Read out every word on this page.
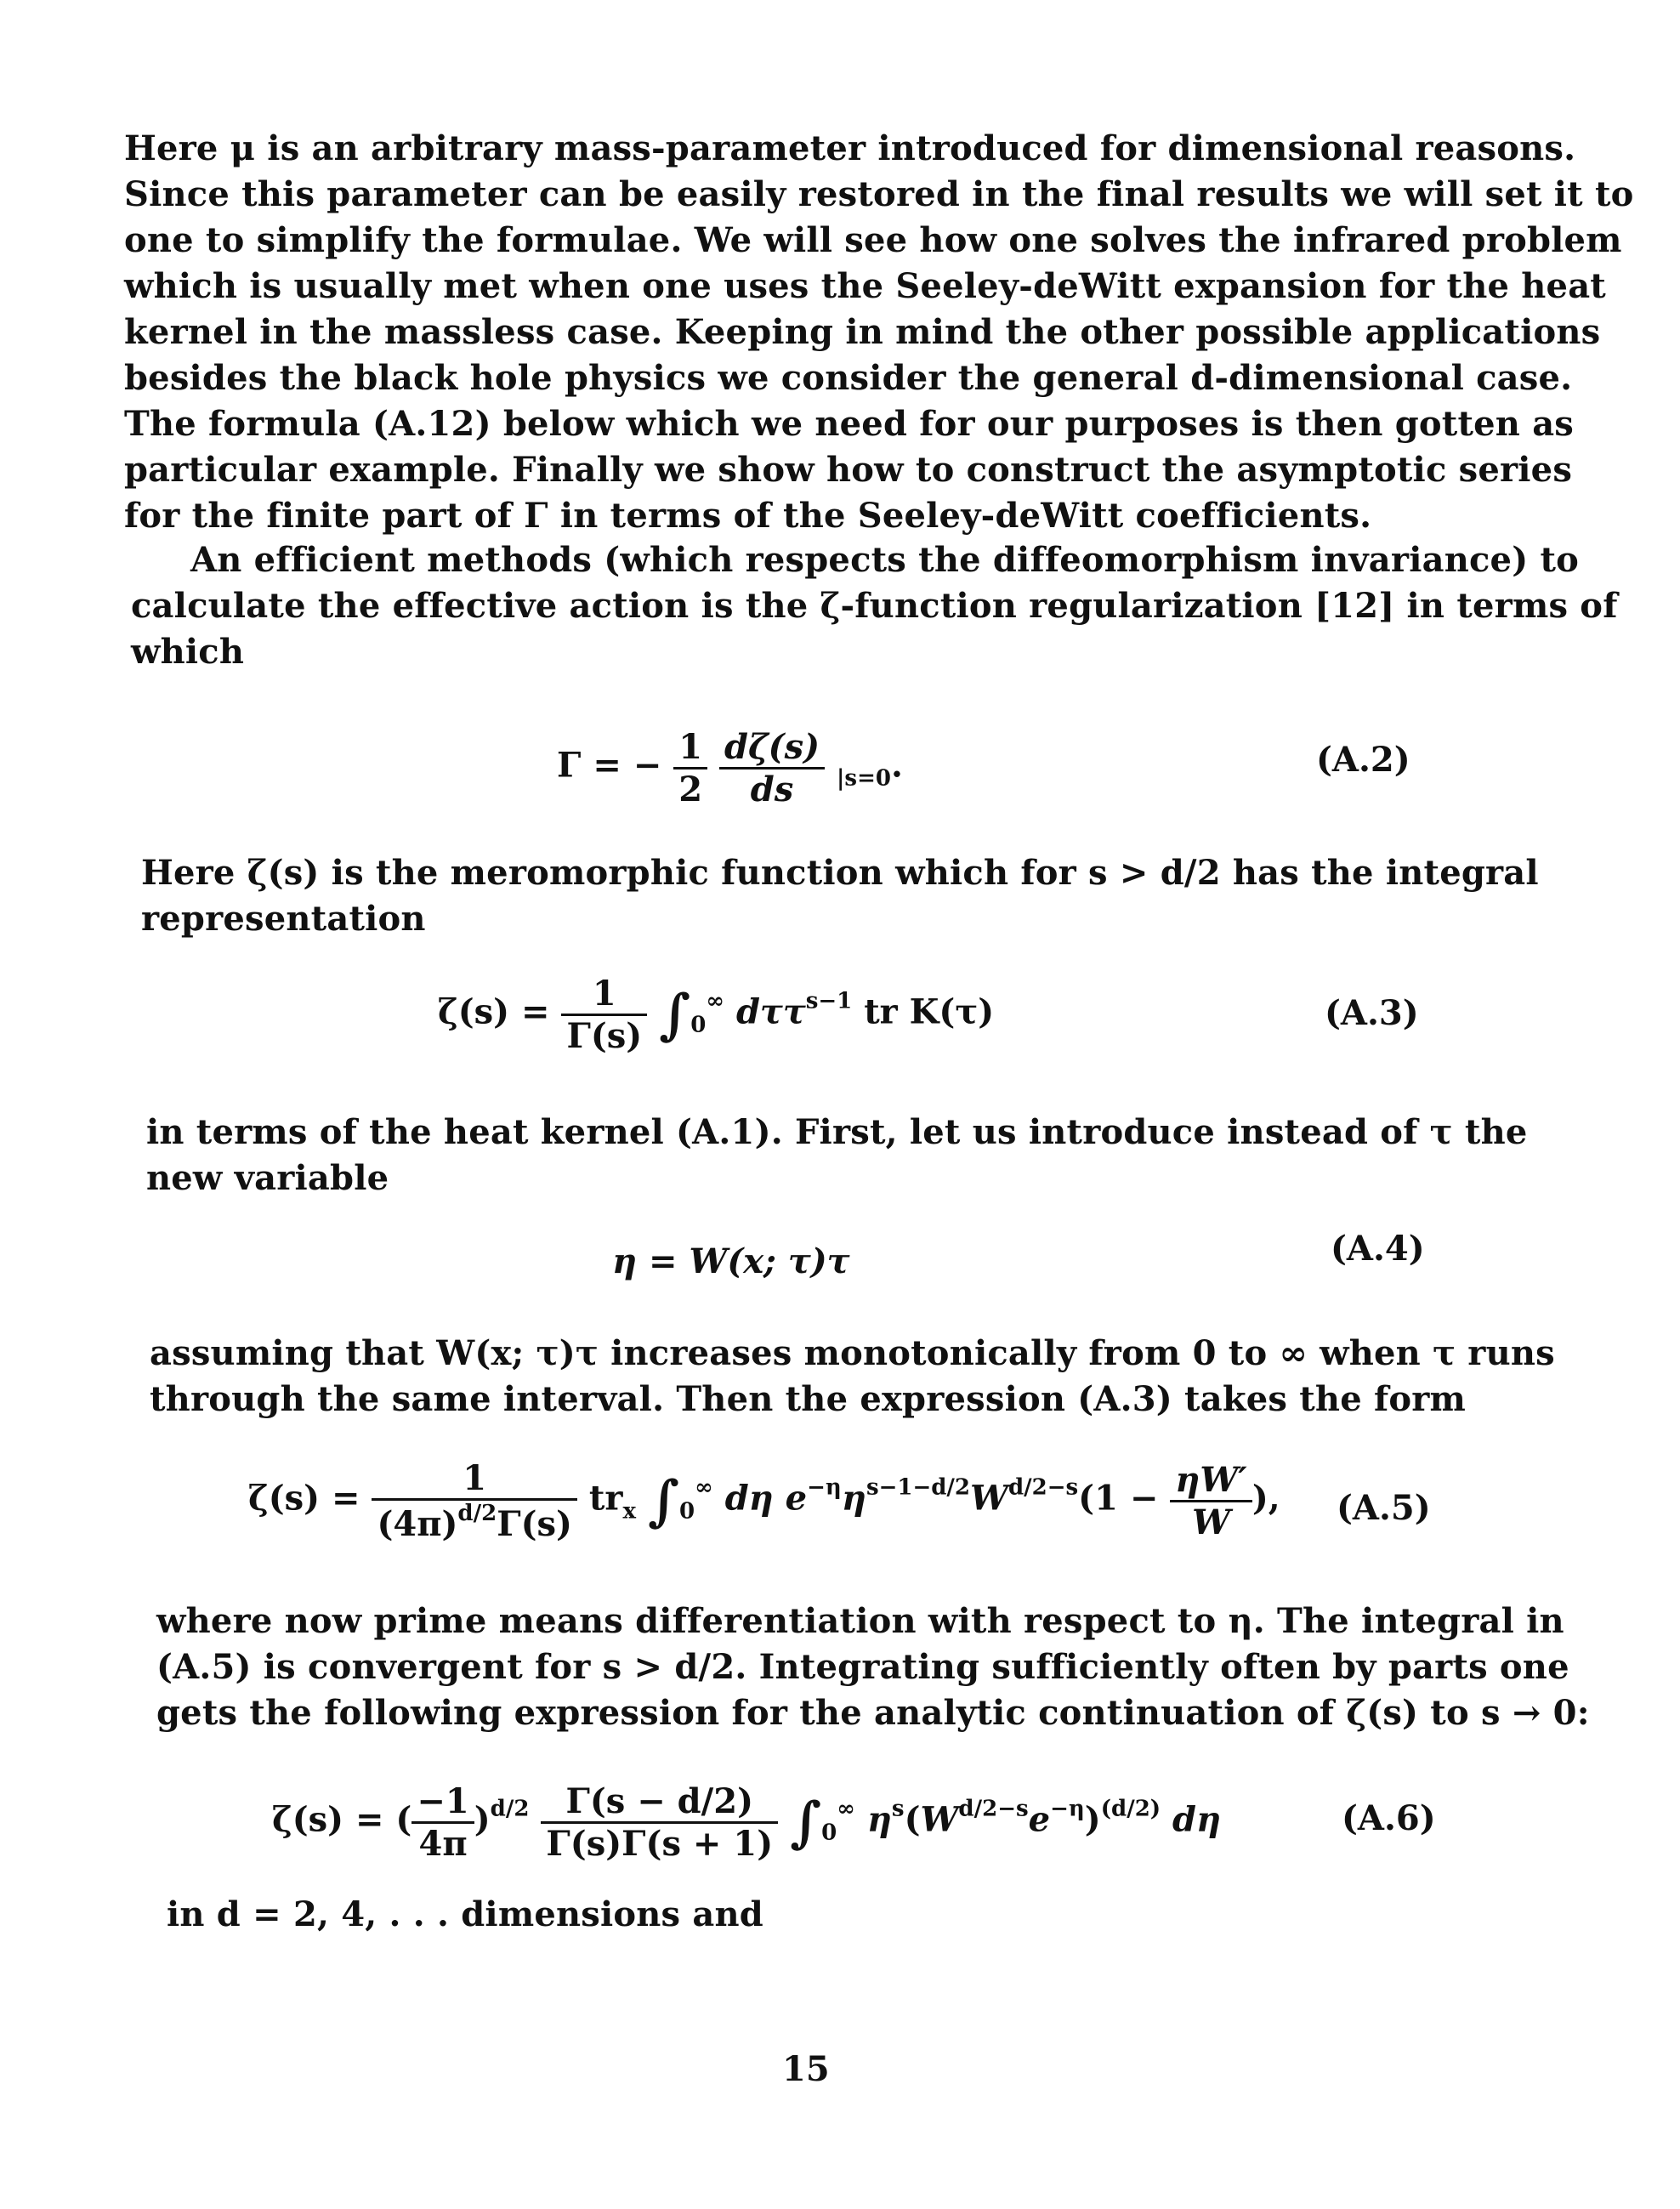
Here μ is an arbitrary mass-parameter introduced for dimensional reasons.
Since this parameter can be easily restored in the final results we will set it to
one to simplify the formulae. We will see how one solves the infrared problem
which is usually met when one uses the Seeley-deWitt expansion for the heat
kernel in the massless case. Keeping in mind the other possible applications
besides the black hole physics we consider the general d-dimensional case.
The formula (A.12) below which we need for our purposes is then gotten as
particular example. Finally we show how to construct the asymptotic series
for the finite part of Γ in terms of the Seeley-deWitt coefficients.
An efficient methods (which respects the diffeomorphism invariance) to
calculate the effective action is the ζ-function regularization [12] in terms of
which
Γ = − $\frac{1}{2}$
$\frac{d\zeta(s)}{ds} _{|s=0}$.	(A.2)
Here ζ(s) is the meromorphic function which for s > d/2 has the integral
representation
$\zeta(s) = \frac{1}{\Gamma(s)} \int_0^\infty$ dττ$^{s-1}$ tr K(τ)	(A.3)
in terms of the heat kernel (A.1). First, let us introduce instead of τ the
new variable
η = W(x; τ)τ	(A.4)
assuming that W(x; τ)τ increases monotonically from 0 to ∞ when τ runs
through the same interval. Then the expression (A.3) takes the form
$\zeta(s) = \frac{1}{(4\pi)^{d/2}\Gamma(s)} tr_x$ $\int_0^\infty$ dη $e^{-\eta}\eta^{s-1-d/2}W^{d/2-s}(1 - \frac{\eta W'}{W}$ ), (A.5)
where now prime means differentiation with respect to η. The integral in
(A.5) is convergent for s > d/2. Integrating sufficiently often by parts one
gets the following expression for the analytic continuation of ζ(s) to s → 0:
ζ(s) = ( $\frac{-1}{4\pi} )^{d/2} \frac{\Gamma(s - d/2)}{\Gamma(s)\Gamma(s + 1)} \int_0^\infty$ $\eta^s(W^{d/2-s}e^{-\eta})^{(d/2)}$ dη	(A.6)
in d = 2, 4, . . . dimensions and
15
